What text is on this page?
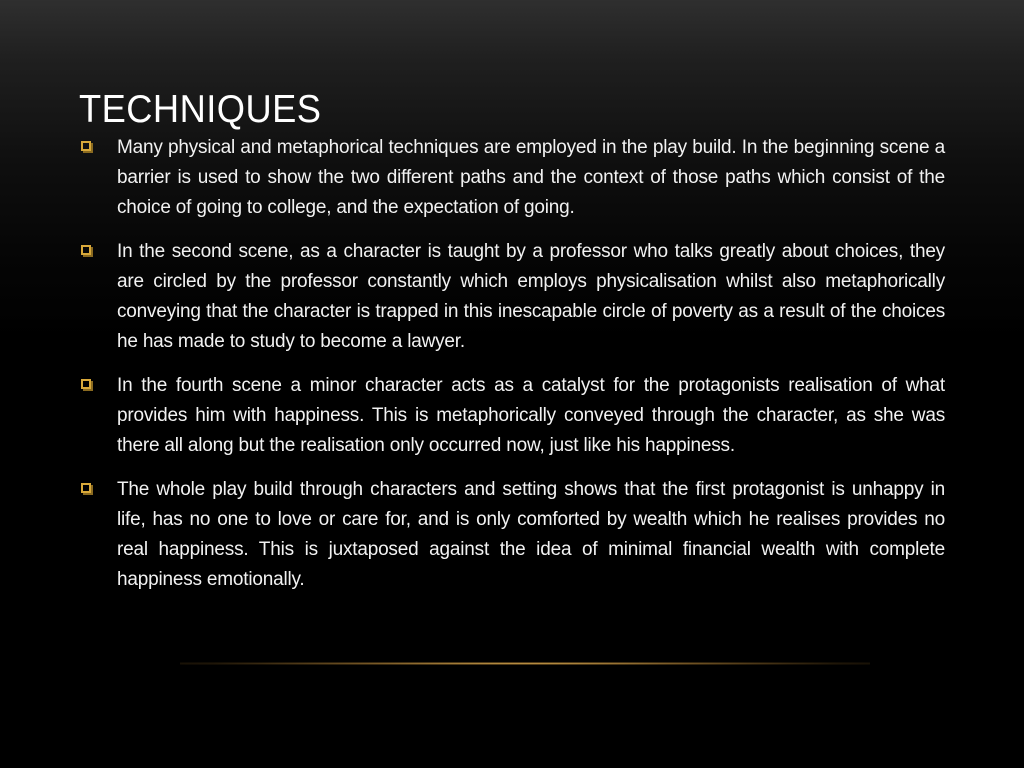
TECHNIQUES
Many physical and metaphorical techniques are employed in the play build. In the beginning scene a barrier is used to show the two different paths and the context of those paths which consist of the choice of going to college, and the expectation of going.
In the second scene, as a character is taught by a professor who talks greatly about choices, they are circled by the professor constantly which employs physicalisation whilst also metaphorically conveying that the character is trapped in this inescapable circle of poverty as a result of the choices he has made to study to become a lawyer.
In the fourth scene a minor character acts as a catalyst for the protagonists realisation of what provides him with happiness. This is metaphorically conveyed through the character, as she was there all along but the realisation only occurred now, just like his happiness.
The whole play build through characters and setting shows that the first protagonist is unhappy in life, has no one to love or care for, and is only comforted by wealth which he realises provides no real happiness. This is juxtaposed against the idea of minimal financial wealth with complete happiness emotionally.
